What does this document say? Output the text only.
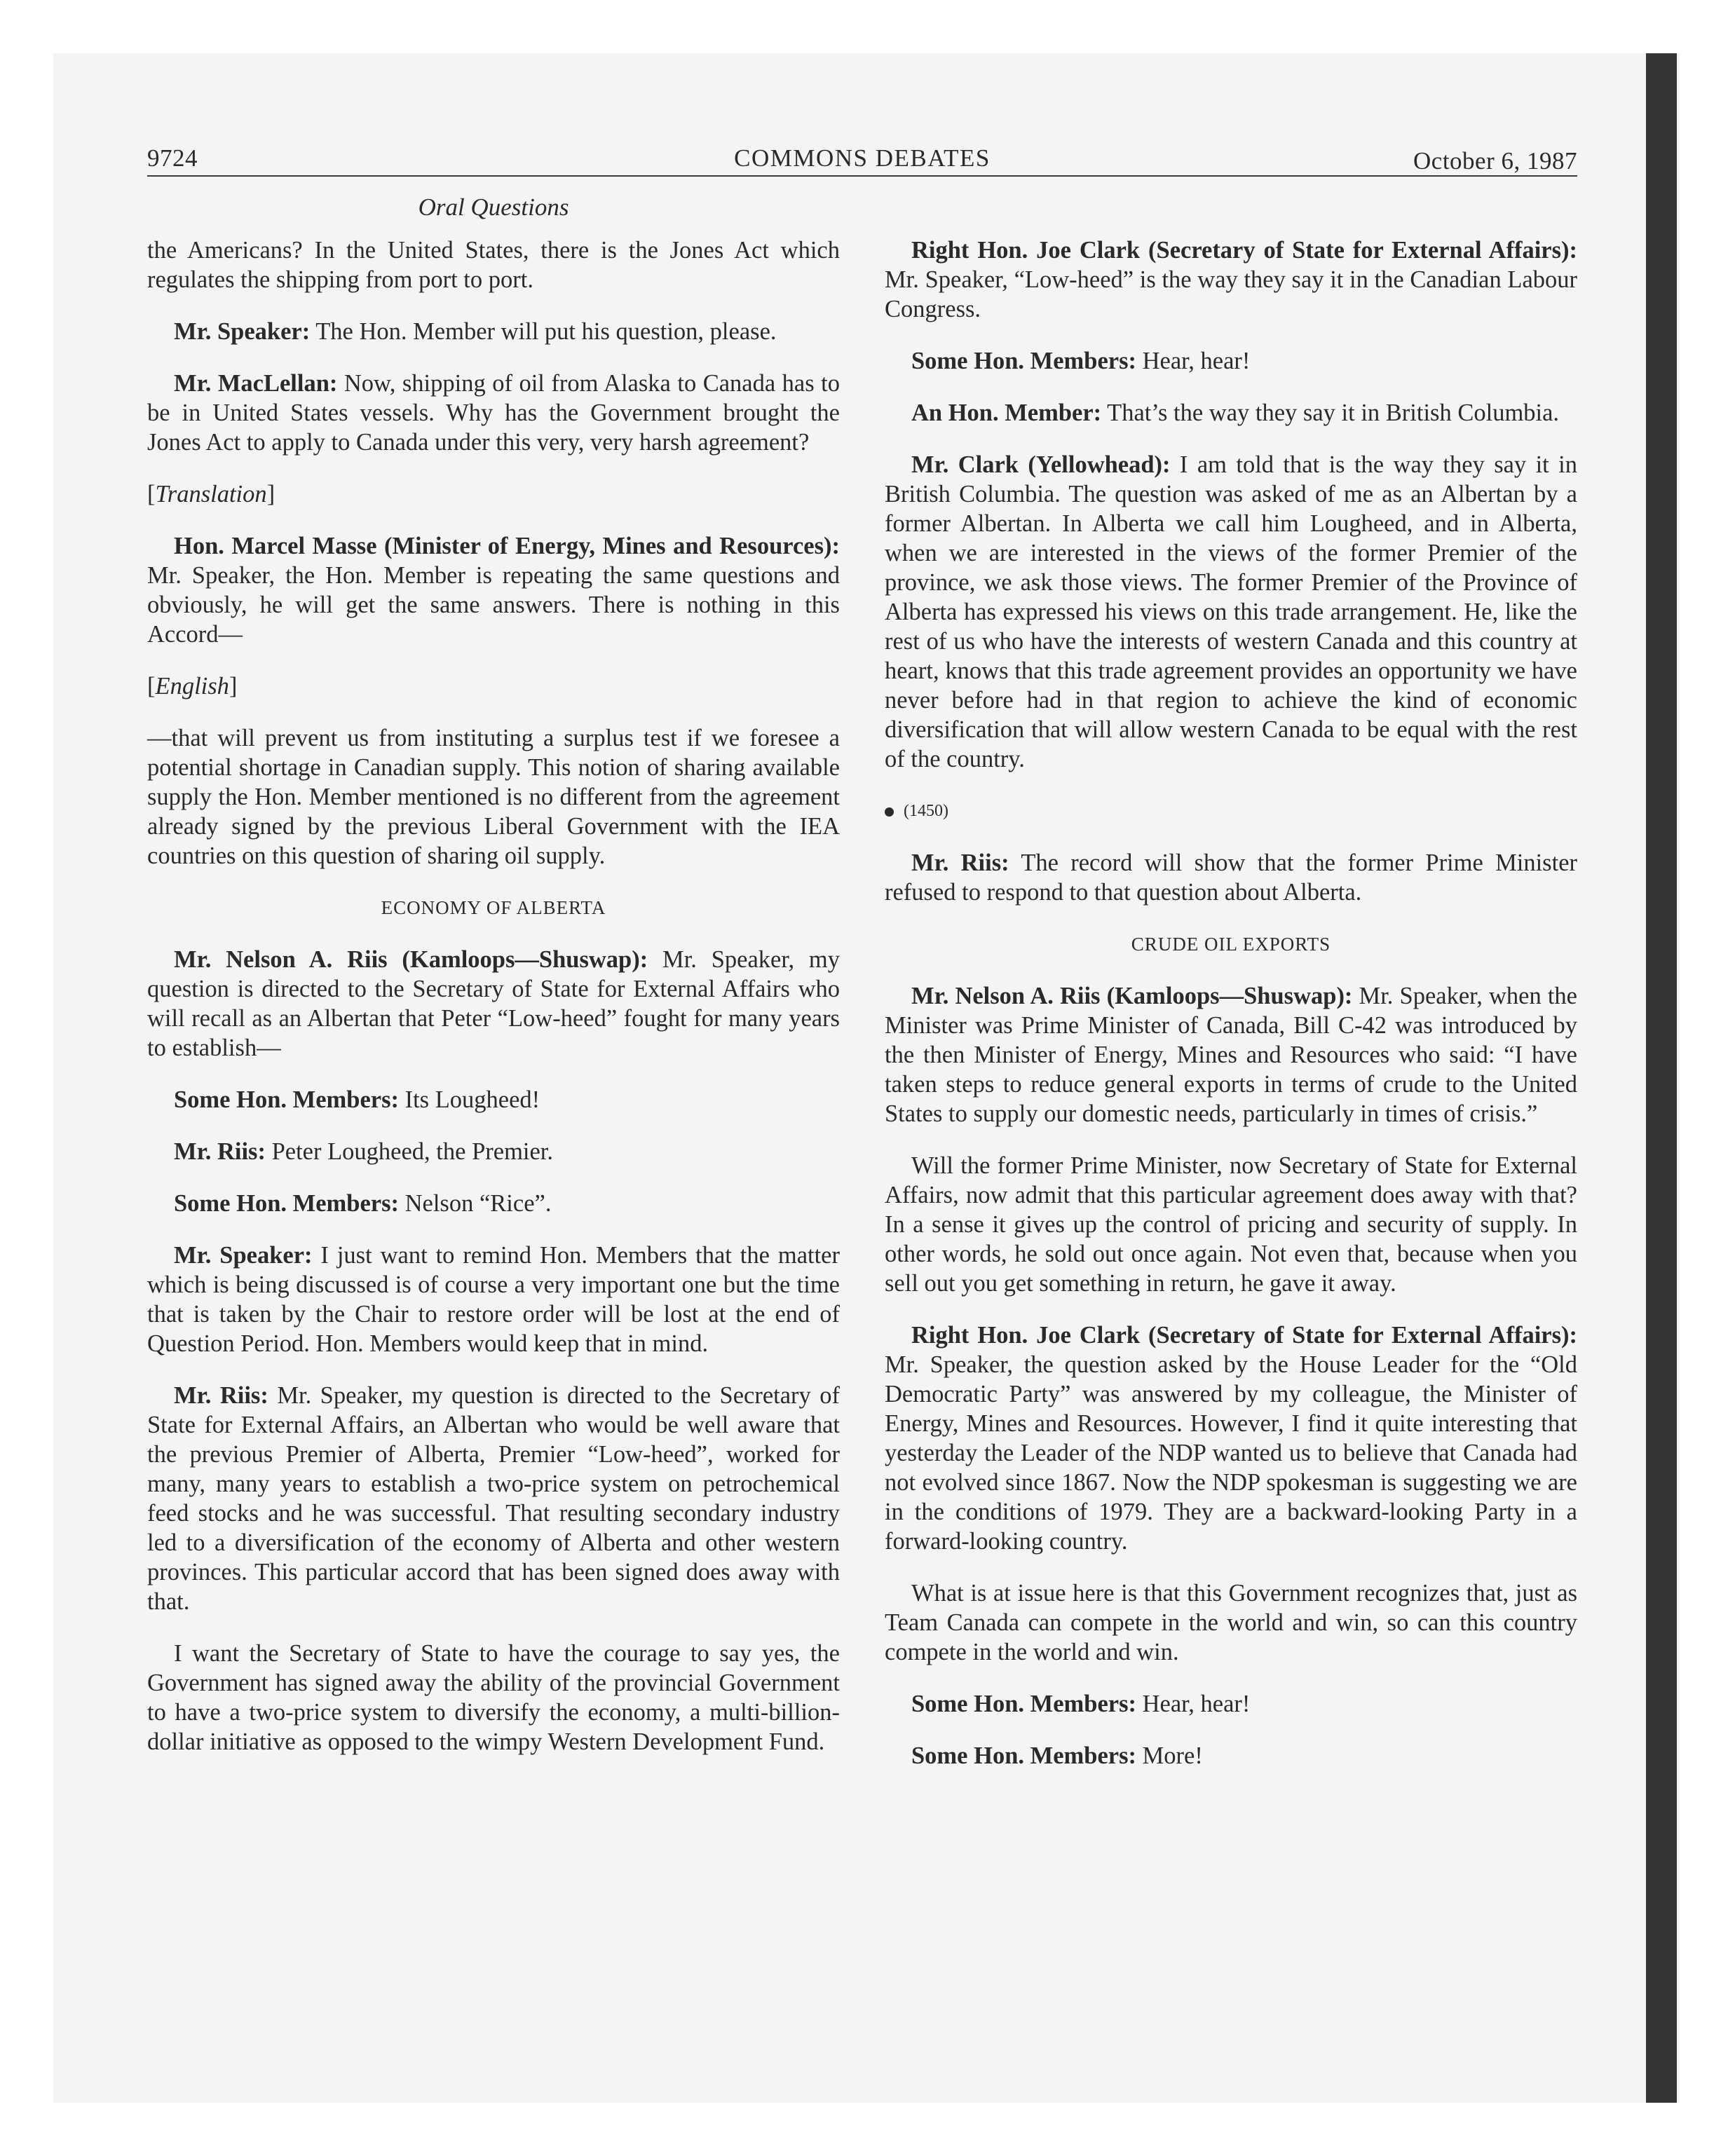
9724	COMMONS DEBATES	October 6, 1987
Oral Questions

the Americans? In the United States, there is the Jones Act which regulates the shipping from port to port.

Mr. Speaker: The Hon. Member will put his question, please.

Mr. MacLellan: Now, shipping of oil from Alaska to Canada has to be in United States vessels. Why has the Government brought the Jones Act to apply to Canada under this very, very harsh agreement?

[Translation]

Hon. Marcel Masse (Minister of Energy, Mines and Resources): Mr. Speaker, the Hon. Member is repeating the same questions and obviously, he will get the same answers. There is nothing in this Accord—

[English]

—that will prevent us from instituting a surplus test if we foresee a potential shortage in Canadian supply. This notion of sharing available supply the Hon. Member mentioned is no different from the agreement already signed by the previous Liberal Government with the IEA countries on this question of sharing oil supply.

ECONOMY OF ALBERTA

Mr. Nelson A. Riis (Kamloops—Shuswap): Mr. Speaker, my question is directed to the Secretary of State for External Affairs who will recall as an Albertan that Peter “Low-heed” fought for many years to establish—

Some Hon. Members: Its Lougheed!

Mr. Riis: Peter Lougheed, the Premier.

Some Hon. Members: Nelson “Rice”.

Mr. Speaker: I just want to remind Hon. Members that the matter which is being discussed is of course a very important one but the time that is taken by the Chair to restore order will be lost at the end of Question Period. Hon. Members would keep that in mind.

Mr. Riis: Mr. Speaker, my question is directed to the Secretary of State for External Affairs, an Albertan who would be well aware that the previous Premier of Alberta, Premier “Low-heed”, worked for many, many years to establish a two-price system on petrochemical feed stocks and he was successful. That resulting secondary industry led to a diversification of the economy of Alberta and other western provinces. This particular accord that has been signed does away with that.

I want the Secretary of State to have the courage to say yes, the Government has signed away the ability of the provincial Government to have a two-price system to diversify the economy, a multi-billion-dollar initiative as opposed to the wimpy Western Development Fund.

Right Hon. Joe Clark (Secretary of State for External Affairs): Mr. Speaker, “Low-heed” is the way they say it in the Canadian Labour Congress.

Some Hon. Members: Hear, hear!

An Hon. Member: That’s the way they say it in British Columbia.

Mr. Clark (Yellowhead): I am told that is the way they say it in British Columbia. The question was asked of me as an Albertan by a former Albertan. In Alberta we call him Lougheed, and in Alberta, when we are interested in the views of the former Premier of the province, we ask those views. The former Premier of the Province of Alberta has expressed his views on this trade arrangement. He, like the rest of us who have the interests of western Canada and this country at heart, knows that this trade agreement provides an opportunity we have never before had in that region to achieve the kind of economic diversification that will allow western Canada to be equal with the rest of the country.

(1450)

Mr. Riis: The record will show that the former Prime Minister refused to respond to that question about Alberta.

CRUDE OIL EXPORTS

Mr. Nelson A. Riis (Kamloops—Shuswap): Mr. Speaker, when the Minister was Prime Minister of Canada, Bill C-42 was introduced by the then Minister of Energy, Mines and Resources who said: “I have taken steps to reduce general exports in terms of crude to the United States to supply our domestic needs, particularly in times of crisis.”

Will the former Prime Minister, now Secretary of State for External Affairs, now admit that this particular agreement does away with that? In a sense it gives up the control of pricing and security of supply. In other words, he sold out once again. Not even that, because when you sell out you get something in return, he gave it away.

Right Hon. Joe Clark (Secretary of State for External Affairs): Mr. Speaker, the question asked by the House Leader for the “Old Democratic Party” was answered by my colleague, the Minister of Energy, Mines and Resources. However, I find it quite interesting that yesterday the Leader of the NDP wanted us to believe that Canada had not evolved since 1867. Now the NDP spokesman is suggesting we are in the conditions of 1979. They are a backward-looking Party in a forward-looking country.

What is at issue here is that this Government recognizes that, just as Team Canada can compete in the world and win, so can this country compete in the world and win.

Some Hon. Members: Hear, hear!

Some Hon. Members: More!
